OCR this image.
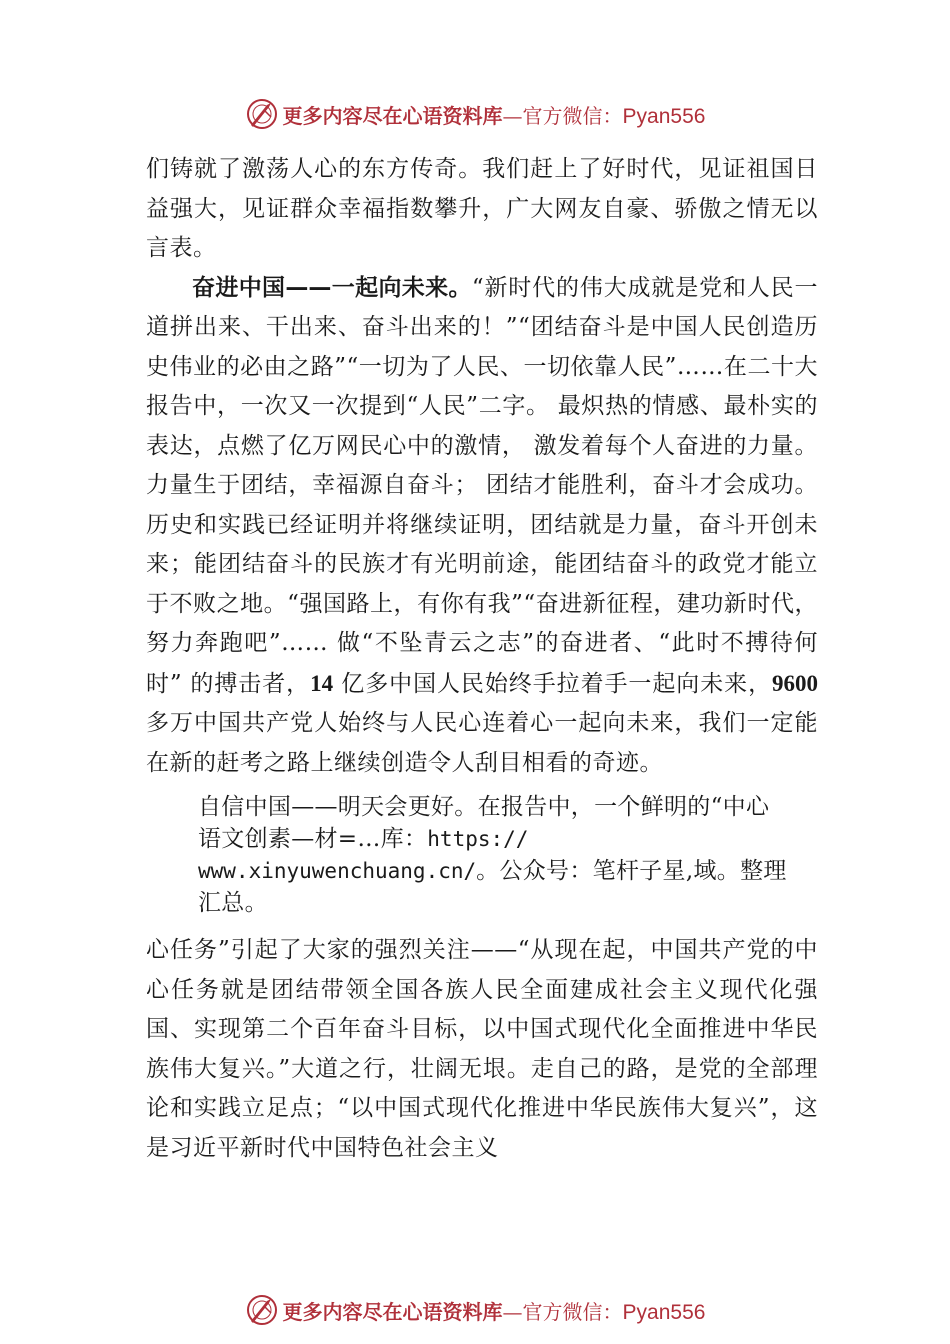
更多内容尽在心语资料库—官方微信：Pyan556

们铸就了激荡人心的东方传奇。我们赶上了好时代，见证祖国日益强大，见证群众幸福指数攀升，广大网友自豪、骄傲之情无以言表。

奋进中国——一起向未来。“新时代的伟大成就是党和人民一道拼出来、干出来、奋斗出来的！”“团结奋斗是中国人民创造历史伟业的必由之路”“一切为了人民、一切依靠人民”……在二十大报告中，一次又一次提到“人民”二字。 最炽热的情感、最朴实的表达，点燃了亿万网民心中的激情， 激发着每个人奋进的力量。力量生于团结，幸福源自奋斗； 团结才能胜利，奋斗才会成功。历史和实践已经证明并将继续证明，团结就是力量，奋斗开创未来；能团结奋斗的民族才有光明前途，能团结奋斗的政党才能立于不败之地。“强国路上，有你有我”“奋进新征程，建功新时代，努力奔跑吧”…… 做“不坠青云之志”的奋进者、“此时不搏待何时” 的搏击者，14 亿多中国人民始终手拉着手一起向未来，9600 多万中国共产党人始终与人民心连着心一起向未来，我们一定能在新的赶考之路上继续创造令人刮目相看的奇迹。

自信中国——明天会更好。在报告中，一个鲜明的“中心
语文创素—材=…库：https://
www.xinyuwenchuang.cn/。公众号：笔杆子星,域。整理
汇总。

心任务”引起了大家的强烈关注——“从现在起，中国共产党的中心任务就是团结带领全国各族人民全面建成社会主义现代化强国、实现第二个百年奋斗目标，以中国式现代化全面推进中华民族伟大复兴。”大道之行，壮阔无垠。走自己的路，是党的全部理论和实践立足点；“以中国式现代化推进中华民族伟大复兴”，这是习近平新时代中国特色社会主义

更多内容尽在心语资料库—官方微信：Pyan556
